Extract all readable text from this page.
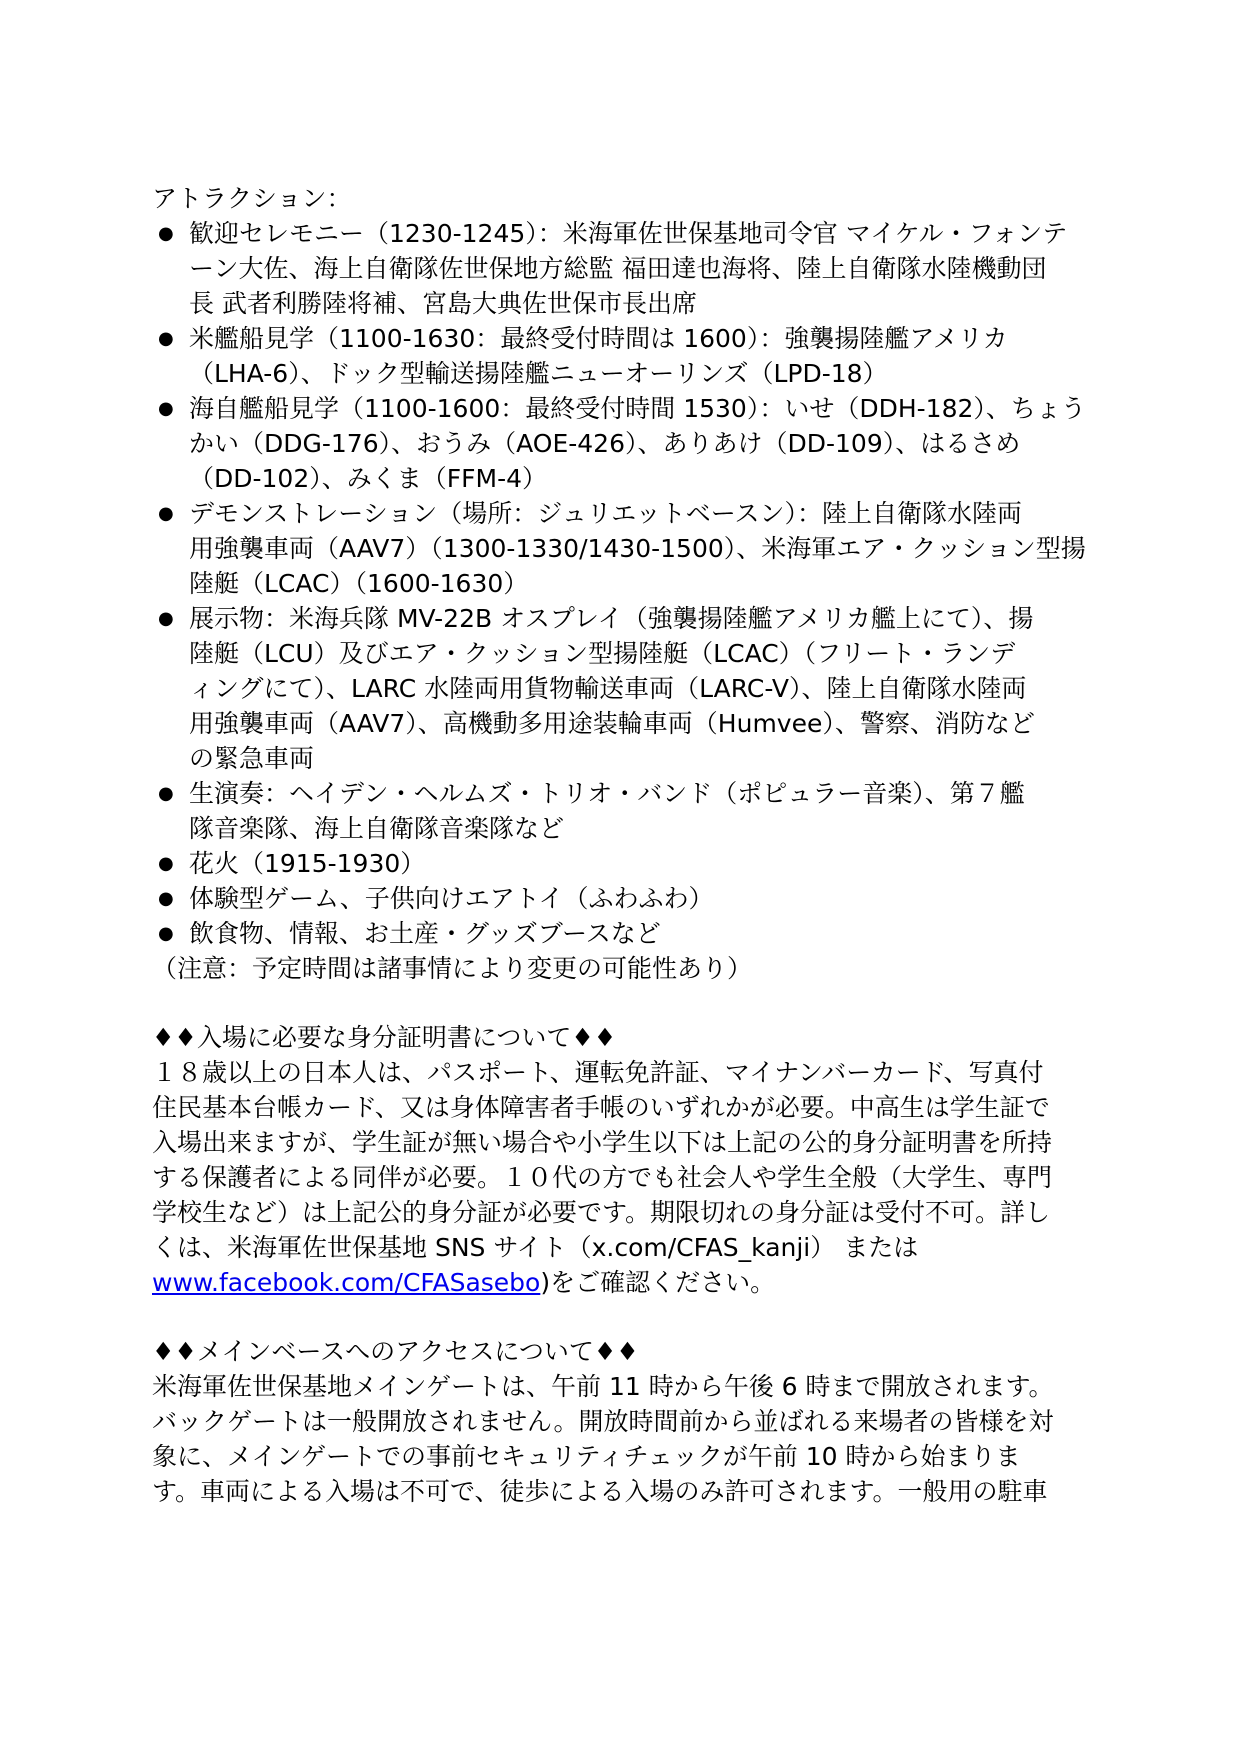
アトラクション：
● 歓迎セレモニー（1230-1245）：米海軍佐世保基地司令官 マイケル・フォンテ
ーン大佐、海上自衛隊佐世保地方総監 福田達也海将、陸上自衛隊水陸機動団
長 武者利勝陸将補、宮島大典佐世保市長出席
● 米艦船見学（1100-1630：最終受付時間は 1600）：強襲揚陸艦アメリカ
（LHA-6）、ドック型輸送揚陸艦ニューオーリンズ（LPD-18）
● 海自艦船見学（1100-1600：最終受付時間 1530）：いせ（DDH-182）、ちょう
かい（DDG-176）、おうみ（AOE-426）、ありあけ（DD-109）、はるさめ
（DD-102）、みくま（FFM-4）
● デモンストレーション（場所：ジュリエットベースン）：陸上自衛隊水陸両
用強襲車両（AAV7）（1300-1330/1430-1500）、米海軍エア・クッション型揚
陸艇（LCAC）（1600-1630）
● 展示物：米海兵隊 MV-22B オスプレイ（強襲揚陸艦アメリカ艦上にて）、揚
陸艇（LCU）及びエア・クッション型揚陸艇（LCAC）（フリート・ランデ
ィングにて）、LARC 水陸両用貨物輸送車両（LARC-V）、陸上自衛隊水陸両
用強襲車両（AAV7）、高機動多用途装輪車両（Humvee）、警察、消防など
の緊急車両
● 生演奏：ヘイデン・ヘルムズ・トリオ・バンド（ポピュラー音楽）、第７艦
隊音楽隊、海上自衛隊音楽隊など
● 花火（1915-1930）
● 体験型ゲーム、子供向けエアトイ（ふわふわ）
● 飲食物、情報、お土産・グッズブースなど
（注意：予定時間は諸事情により変更の可能性あり）
♦♦入場に必要な身分証明書について♦♦
１８歳以上の日本人は、パスポート、運転免許証、マイナンバーカード、写真付
住民基本台帳カード、又は身体障害者手帳のいずれかが必要。中高生は学生証で
入場出来ますが、学生証が無い場合や小学生以下は上記の公的身分証明書を所持
する保護者による同伴が必要。１０代の方でも社会人や学生全般（大学生、専門
学校生など）は上記公的身分証が必要です。期限切れの身分証は受付不可。詳し
くは、米海軍佐世保基地 SNS サイト（x.com/CFAS_kanji） または
www.facebook.com/CFASasebo)をご確認ください。
♦♦メインベースへのアクセスについて♦♦
米海軍佐世保基地メインゲートは、午前 11 時から午後 6 時まで開放されます。
バックゲートは一般開放されません。開放時間前から並ばれる来場者の皆様を対
象に、メインゲートでの事前セキュリティチェックが午前 10 時から始まりま
す。車両による入場は不可で、徒歩による入場のみ許可されます。一般用の駐車
